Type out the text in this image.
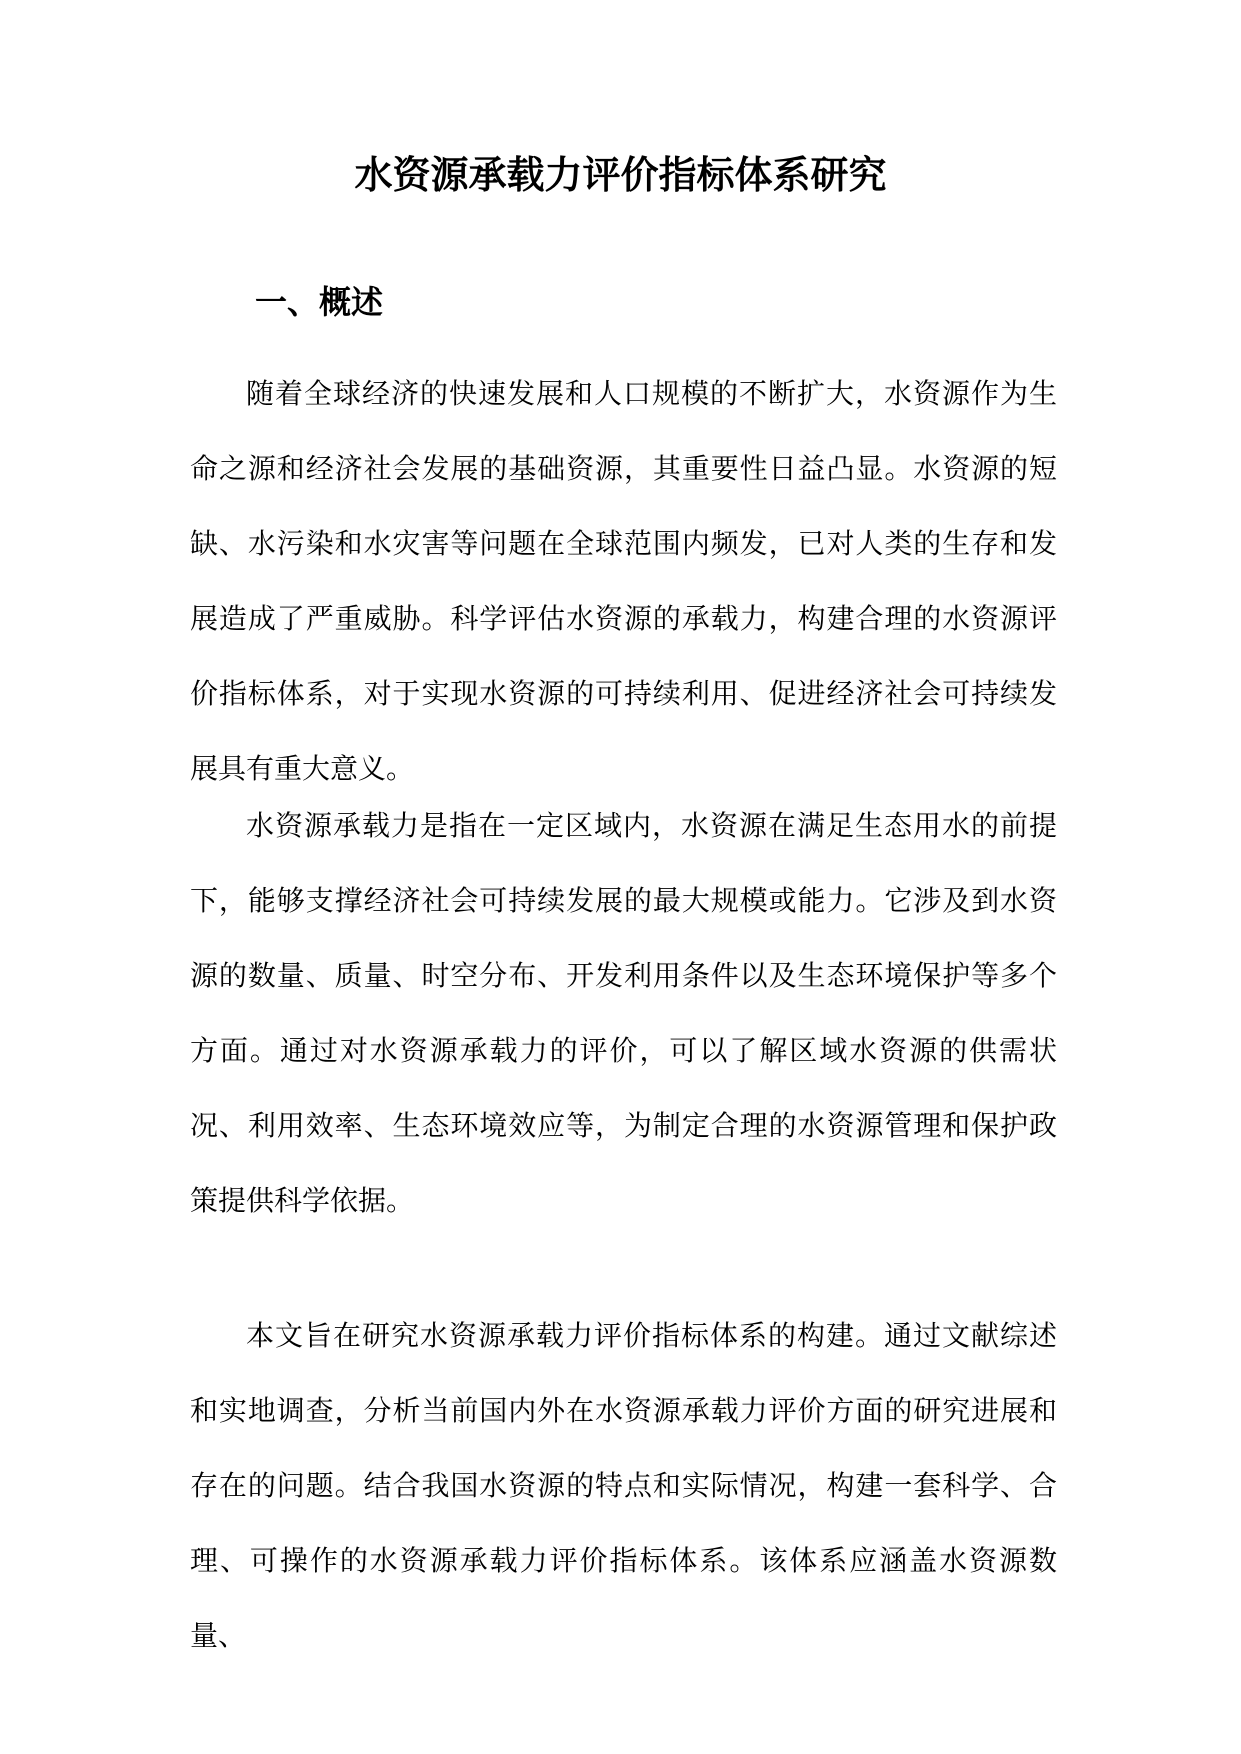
水资源承载力评价指标体系研究
一、概述

随着全球经济的快速发展和人口规模的不断扩大，水资源作为生命之源和经济社会发展的基础资源，其重要性日益凸显。水资源的短缺、水污染和水灾害等问题在全球范围内频发，已对人类的生存和发展造成了严重威胁。科学评估水资源的承载力，构建合理的水资源评价指标体系，对于实现水资源的可持续利用、促进经济社会可持续发展具有重大意义。

水资源承载力是指在一定区域内，水资源在满足生态用水的前提下，能够支撑经济社会可持续发展的最大规模或能力。它涉及到水资源的数量、质量、时空分布、开发利用条件以及生态环境保护等多个方面。通过对水资源承载力的评价，可以了解区域水资源的供需状况、利用效率、生态环境效应等，为制定合理的水资源管理和保护政策提供科学依据。

本文旨在研究水资源承载力评价指标体系的构建。通过文献综述和实地调查，分析当前国内外在水资源承载力评价方面的研究进展和存在的问题。结合我国水资源的特点和实际情况，构建一套科学、合理、可操作的水资源承载力评价指标体系。该体系应涵盖水资源数量、
